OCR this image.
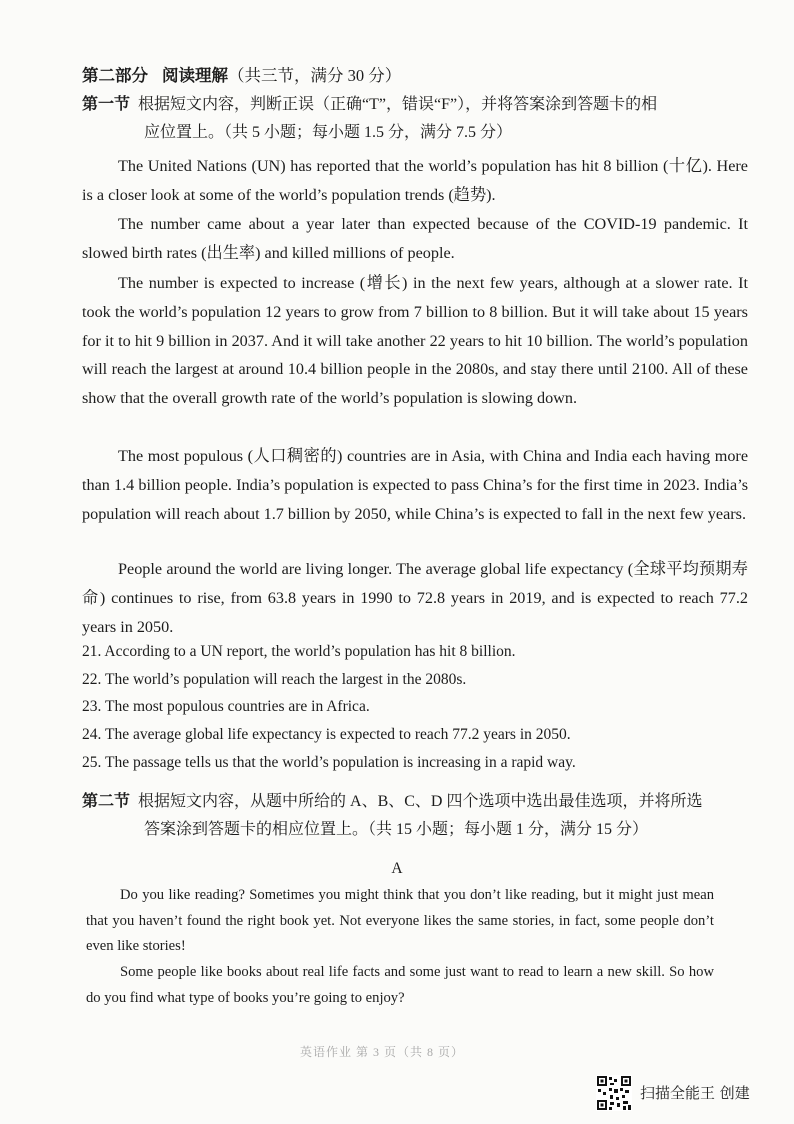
第二部分 阅读理解（共三节，满分 30 分）
第一节 根据短文内容，判断正误（正确“T”，错误“F”），并将答案涂到答题卡的相
应位置上。（共 5 小题；每小题 1.5 分，满分 7.5 分）

The United Nations (UN) has reported that the world’s population has hit 8 billion (十亿). Here is a closer look at some of the world’s population trends (趋势).

The number came about a year later than expected because of the COVID-19 pandemic. It slowed birth rates (出生率) and killed millions of people.

The number is expected to increase (增长) in the next few years, although at a slower rate. It took the world’s population 12 years to grow from 7 billion to 8 billion. But it will take about 15 years for it to hit 9 billion in 2037. And it will take another 22 years to hit 10 billion. The world’s population will reach the largest at around 10.4 billion people in the 2080s, and stay there until 2100. All of these show that the overall growth rate of the world’s population is slowing down.

The most populous (人口稠密的) countries are in Asia, with China and India each having more than 1.4 billion people. India’s population is expected to pass China’s for the first time in 2023. India’s population will reach about 1.7 billion by 2050, while China’s is expected to fall in the next few years.

People around the world are living longer. The average global life expectancy (全球平均预期寿命) continues to rise, from 63.8 years in 1990 to 72.8 years in 2019, and is expected to reach 77.2 years in 2050.

21. According to a UN report, the world’s population has hit 8 billion.
22. The world’s population will reach the largest in the 2080s.
23. The most populous countries are in Africa.
24. The average global life expectancy is expected to reach 77.2 years in 2050.
25. The passage tells us that the world’s population is increasing in a rapid way.
第二节 根据短文内容，从题中所给的 A、B、C、D 四个选项中选出最佳选项，并将所选
答案涂到答题卡的相应位置上。（共 15 小题；每小题 1 分，满分 15 分）
A

Do you like reading? Sometimes you might think that you don’t like reading, but it might just mean that you haven’t found the right book yet. Not everyone likes the same stories, in fact, some people don’t even like stories!

Some people like books about real life facts and some just want to read to learn a new skill. So how do you find what type of books you’re going to enjoy?

英语作业 第 3 页（共 8 页）
扫描全能王 创建
